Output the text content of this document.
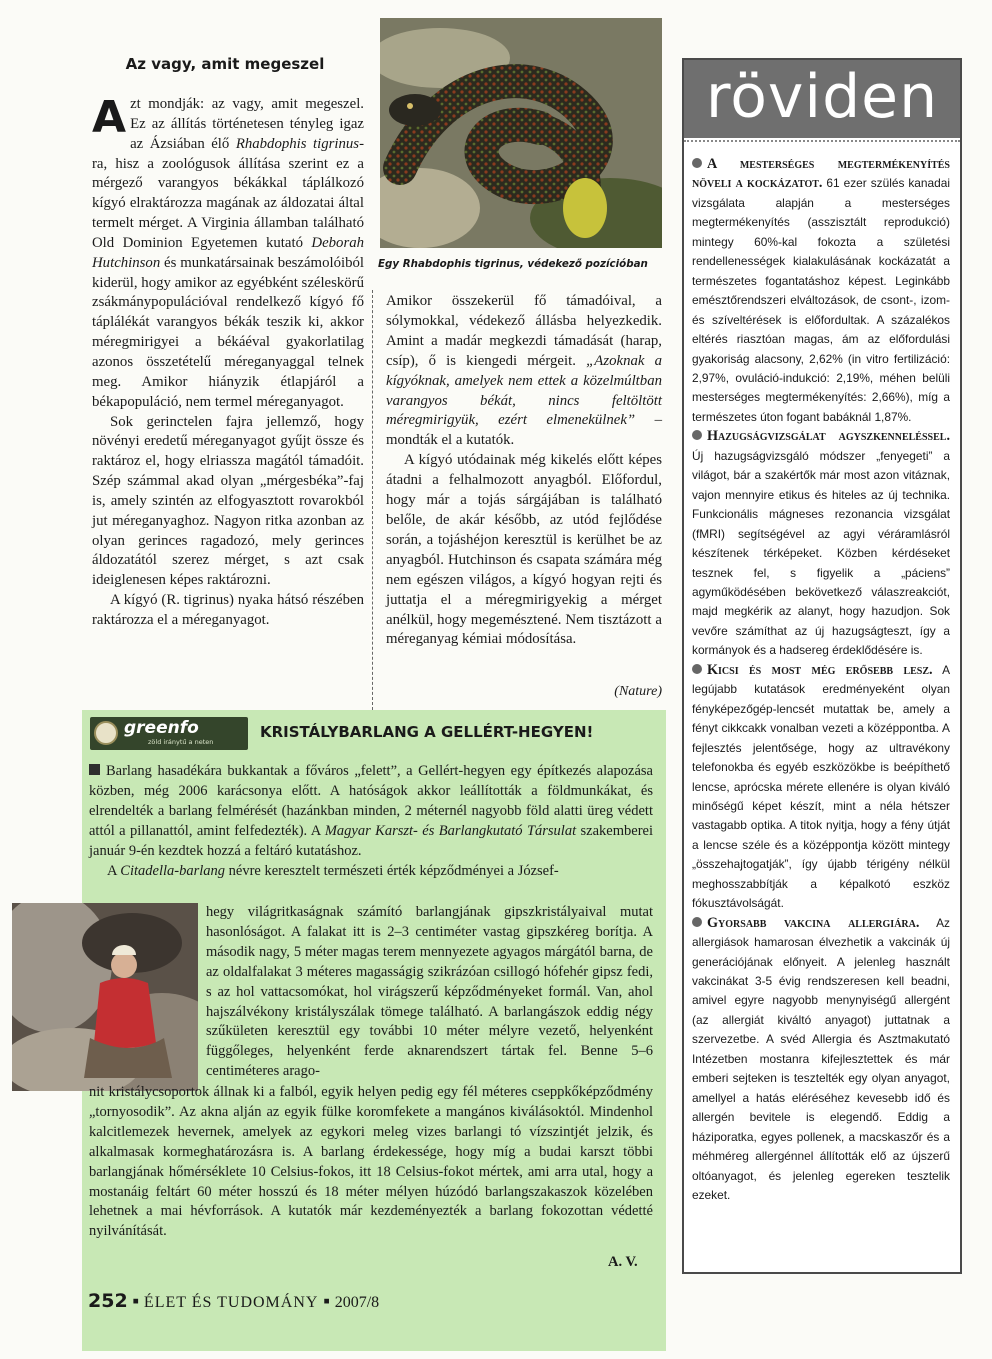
Az vagy, amit megeszel

Azt mondják: az vagy, amit megeszel. Ez az állítás történetesen tényleg igaz az Ázsiában élő Rhabdophis tigrinus-ra, hisz a zoológusok állítása szerint ez a mérgező varangyos békákkal táplálkozó kígyó elraktározza magának az áldozatai által termelt mérget. A Virginia államban található Old Dominion Egyetemen kutató Deborah Hutchinson és munkatársainak beszámolóiból kiderül, hogy amikor az egyébként széleskörű zsákmánypopulációval rendelkező kígyó fő táplálékát varangyos békák teszik ki, akkor méregmirigyei a békáéval gyakorlatilag azonos összetételű méreganyaggal telnek meg. Amikor hiányzik étlapjáról a békapopuláció, nem termel méreganyagot.

Sok gerinctelen fajra jellemző, hogy növényi eredetű méreganyagot gyűjt össze és raktároz el, hogy elriassza magától támadóit. Szép számmal akad olyan „mérgesbéka”-faj is, amely szintén az elfogyasztott rovarokból jut méreganyaghoz. Nagyon ritka azonban az olyan gerinces ragadozó, mely gerinces áldozatától szerez mérget, s azt csak ideiglenesen képes raktározni.

A kígyó (R. tigrinus) nyaka hátsó részében raktározza el a méreganyagot.

Egy Rhabdophis tigrinus, védekező pozícióban

Amikor összekerül fő támadóival, a sólymokkal, védekező állásba helyezkedik. Amint a madár megkezdi támadását (harap, csíp), ő is kiengedi mérgeit. „Azoknak a kígyóknak, amelyek nem ettek a közelmúltban varangyos békát, nincs feltöltött méregmirigyük, ezért elmenekülnek” – mondták el a kutatók.

A kígyó utódainak még kikelés előtt képes átadni a felhalmozott anyagból. Előfordul, hogy már a tojás sárgájában is található belőle, de akár később, az utód fejlődése során, a tojáshéjon keresztül is kerülhet be az anyagból. Hutchinson és csapata számára még nem egészen világos, a kígyó hogyan rejti és juttatja el a méregmirigyekig a mérget anélkül, hogy megemésztené. Nem tisztázott a méreganyag kémiai módosítása.

(Nature)
greenfo
zöld iránytű a neten
KRISTÁLYBARLANG A GELLÉRT-HEGYEN!

Barlang hasadékára bukkantak a főváros „felett”, a Gellért-hegyen egy építkezés alapozása közben, még 2006 karácsonya előtt. A hatóságok akkor leállították a földmunkákat, és elrendelték a barlang felmérését (hazánkban minden, 2 méternél nagyobb föld alatti üreg védett attól a pillanattól, amint felfedezték). A Magyar Karszt- és Barlangkutató Társulat szakemberei január 9-én kezdtek hozzá a feltáró kutatáshoz.

A Citadella-barlang névre keresztelt természeti érték képződményei a József-

hegy világritkaságnak számító barlangjának gipszkristályaival mutat hasonlóságot. A falakat itt is 2–3 centiméter vastag gipszkéreg borítja. A második nagy, 5 méter magas terem mennyezete agyagos márgától barna, de az oldalfalakat 3 méteres magasságig szikrázóan csillogó hófehér gipsz fedi, s az hol vattacsomókat, hol virágszerű képződményeket formál. Van, ahol hajszálvékony kristályszálak tömege található. A barlangászok eddig négy szűkületen keresztül egy további 10 méter mélyre vezető, helyenként függőleges, helyenként ferde aknarendszert tártak fel. Benne 5–6 centiméteres arago-

nit kristálycsoportok állnak ki a falból, egyik helyen pedig egy fél méteres cseppkőképződmény „tornyosodik”. Az akna alján az egyik fülke koromfekete a mangános kiválásoktól. Mindenhol kalcitlemezek hevernek, amelyek az egykori meleg vizes barlangi tó vízszintjét jelzik, és alkalmasak kormeghatározásra is. A barlang érdekessége, hogy míg a budai karszt többi barlangjának hőmérséklete 10 Celsius-fokos, itt 18 Celsius-fokot mértek, ami arra utal, hogy a mostanáig feltárt 60 méter hosszú és 18 méter mélyen húzódó barlangszakaszok közelében lehetnek a mai hévforrások. A kutatók már kezdeményezték a barlang fokozottan védetté nyilvánítását.

A. V.
252 ▪ ÉLET ÉS TUDOMÁNY ▪ 2007/8
röviden
A mesterséges megtermékenyítés növeli a kockázatot. 61 ezer szülés kanadai vizsgálata alapján a mesterséges megtermékenyítés (asszisztált reprodukció) mintegy 60%-kal fokozta a születési rendellenességek kialakulásának kockázatát a természetes fogantatáshoz képest. Leginkább emésztőrendszeri elváltozások, de csont-, izom- és szíveltérések is előfordultak. A százalékos eltérés riasztóan magas, ám az előfordulási gyakoriság alacsony, 2,62% (in vitro fertilizáció: 2,97%, ovuláció-indukció: 2,19%, méhen belüli mesterséges megtermékenyítés: 2,66%), míg a természetes úton fogant babáknál 1,87%.
Hazugságvizsgálat agyszkenneléssel. Új hazugságvizsgáló módszer „fenyegeti” a világot, bár a szakértők már most azon vitáznak, vajon mennyire etikus és hiteles az új technika. Funkcionális mágneses rezonancia vizsgálat (fMRI) segítségével az agyi véráramlásról készítenek térképeket. Közben kérdéseket tesznek fel, s figyelik a „páciens” agyműködésében bekövetkező válaszreakciót, majd megkérik az alanyt, hogy hazudjon. Sok vevőre számíthat az új hazugságteszt, így a kormányok és a hadsereg érdeklődésére is.
Kicsi és most még erősebb lesz. A legújabb kutatások eredményeként olyan fényképezőgép-lencsét mutattak be, amely a fényt cikkcakk vonalban vezeti a középpontba. A fejlesztés jelentősége, hogy az ultravékony telefonokba és egyéb eszközökbe is beépíthető lencse, aprócska mérete ellenére is olyan kiváló minőségű képet készít, mint a néla hétszer vastagabb optika. A titok nyitja, hogy a fény útját a lencse széle és a középpontja között mintegy „összehajtogatják”, így újabb térigény nélkül meghosszabbítják a képalkotó eszköz fókusztávolságát.
Gyorsabb vakcina allergiára. Az allergiások hamarosan élvezhetik a vakcinák új generációjának előnyeit. A jelenleg használt vakcinákat 3-5 évig rendszeresen kell beadni, amivel egyre nagyobb menynyiségű allergént (az allergiát kiváltó anyagot) juttatnak a szervezetbe. A svéd Allergia és Asztmakutató Intézetben mostanra kifejlesztettek és már emberi sejteken is tesztelték egy olyan anyagot, amellyel a hatás eléréséhez kevesebb idő és allergén bevitele is elegendő. Eddig a háziporatka, egyes pollenek, a macskaszőr és a méhméreg allergénnel állították elő az újszerű oltóanyagot, és jelenleg egereken tesztelik ezeket.
